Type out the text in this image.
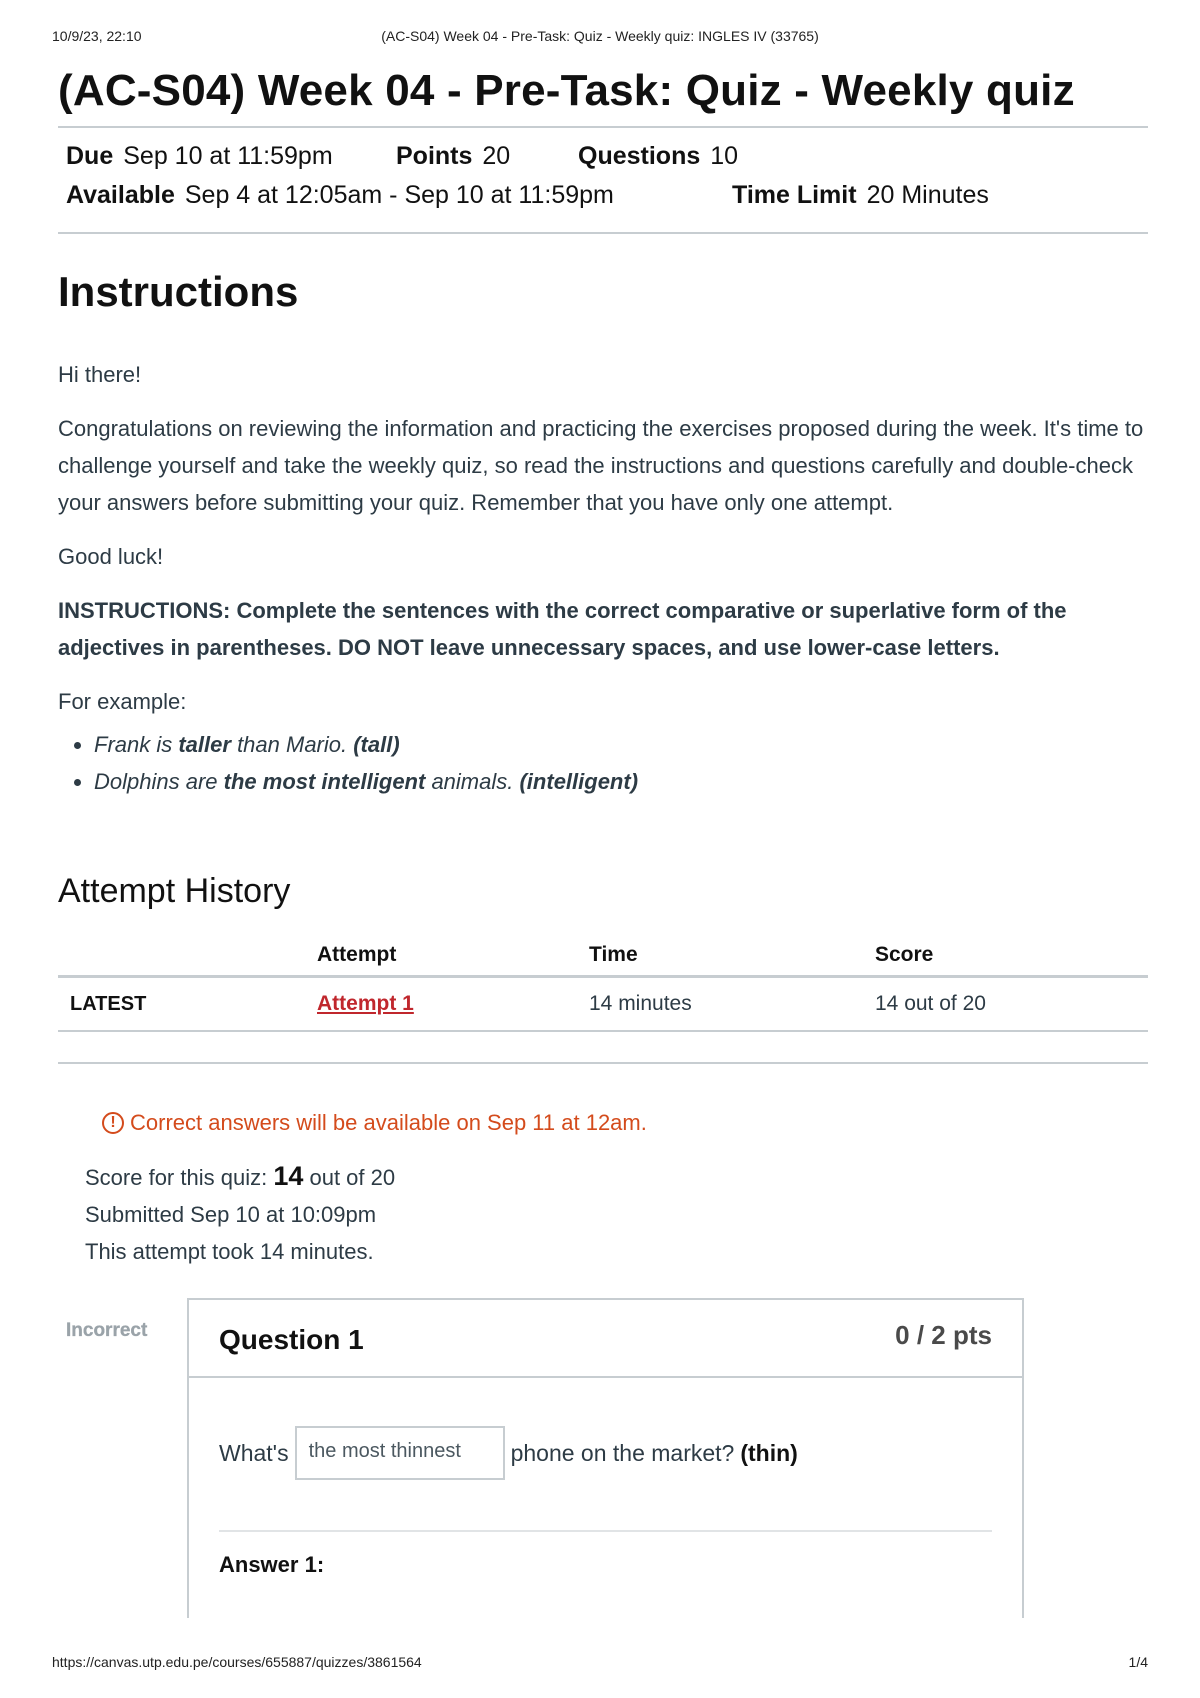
10/9/23, 22:10	(AC-S04) Week 04 - Pre-Task: Quiz - Weekly quiz: INGLES IV (33765)
(AC-S04) Week 04 - Pre-Task: Quiz - Weekly quiz
Due Sep 10 at 11:59pm	Points 20	Questions 10
Available Sep 4 at 12:05am - Sep 10 at 11:59pm	Time Limit 20 Minutes
Instructions

Hi there!

Congratulations on reviewing the information and practicing the exercises proposed during the week. It's time to challenge yourself and take the weekly quiz, so read the instructions and questions carefully and double-check your answers before submitting your quiz. Remember that you have only one attempt.

Good luck!

INSTRUCTIONS: Complete the sentences with the correct comparative or superlative form of the adjectives in parentheses. DO NOT leave unnecessary spaces, and use lower-case letters.

For example:

• Frank is taller than Mario. (tall)
• Dolphins are the most intelligent animals. (intelligent)
Attempt History
	Attempt	Time	Score
LATEST	Attempt 1	14 minutes	14 out of 20
! Correct answers will be available on Sep 11 at 12am.
Score for this quiz: 14 out of 20
Submitted Sep 10 at 10:09pm
This attempt took 14 minutes.
Incorrect	Question 1	0 / 2 pts
What's	the most thinnest	phone on the market? (thin)
Answer 1:
https://canvas.utp.edu.pe/courses/655887/quizzes/3861564	1/4
